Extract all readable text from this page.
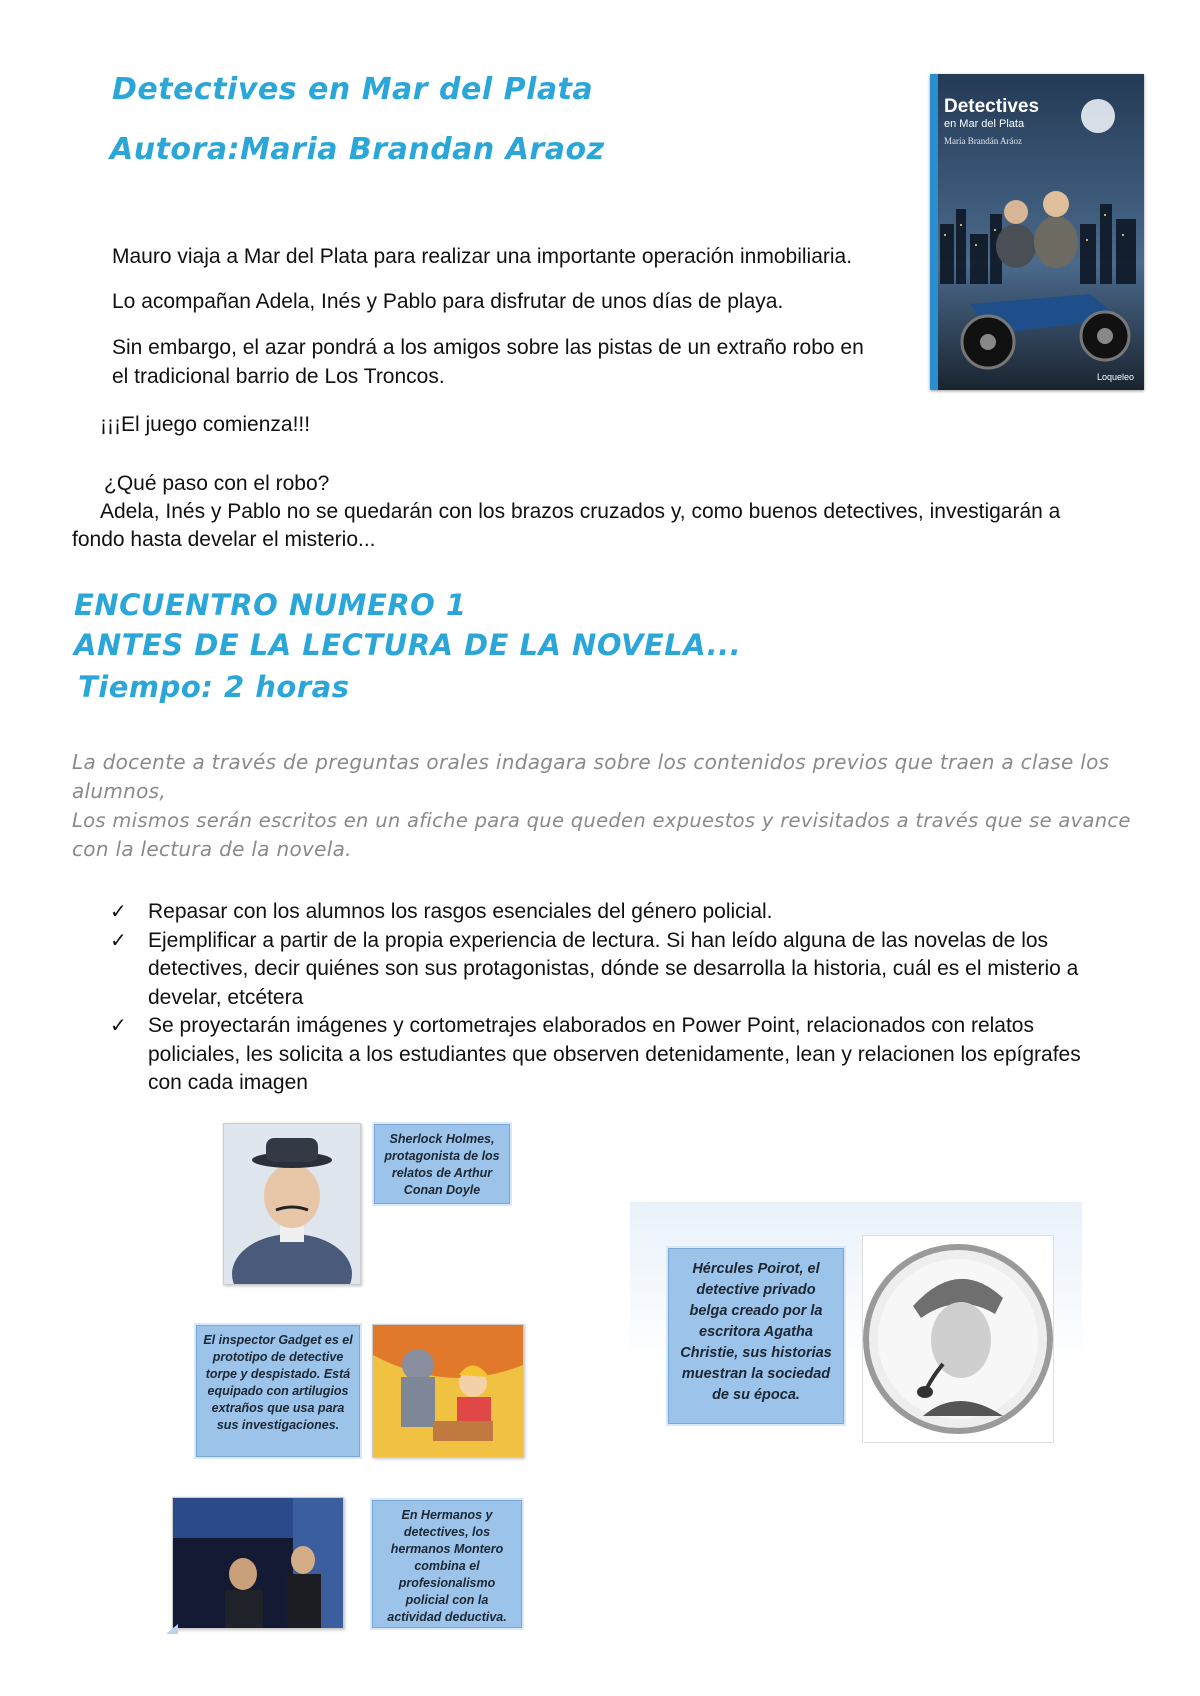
Detectives en Mar del Plata
Autora:Maria Brandan Araoz
Detectives
en Mar del Plata
María Brandán Aráoz
Loqueleo
Mauro viaja a Mar del Plata para realizar una importante operación inmobiliaria.
Lo acompañan Adela, Inés y Pablo para disfrutar de unos días de playa.
Sin embargo, el azar pondrá a los amigos sobre las pistas de un extraño robo en
el tradicional barrio de Los Troncos.
¡¡¡El juego comienza!!!
¿Qué paso con el robo?
Adela, Inés y Pablo no se quedarán con los brazos cruzados y, como buenos detectives, investigarán a
fondo hasta develar el misterio...
ENCUENTRO NUMERO 1
ANTES DE LA LECTURA DE LA NOVELA...
Tiempo: 2 horas
La docente a través de preguntas orales indagara sobre los contenidos previos que traen a clase los
alumnos,
Los mismos serán escritos en un afiche para que queden expuestos y revisitados a través que se avance
con la lectura de la novela.
✓ Repasar con los alumnos los rasgos esenciales del género policial.
✓ Ejemplificar a partir de la propia experiencia de lectura. Si han leído alguna de las novelas de los
detectives, decir quiénes son sus protagonistas, dónde se desarrolla la historia, cuál es el misterio a
develar, etcétera
✓ Se proyectarán imágenes y cortometrajes elaborados en Power Point, relacionados con relatos
policiales, les solicita a los estudiantes que observen detenidamente, lean y relacionen los epígrafes
con cada imagen
Sherlock Holmes, protagonista de los relatos de Arthur Conan Doyle
Hércules Poirot, el detective privado belga creado por la escritora Agatha Christie, sus historias muestran la sociedad de su época.
El inspector Gadget es el prototipo de detective torpe y despistado. Está equipado con artilugios extraños que usa para sus investigaciones.
En Hermanos y detectives, los hermanos Montero combina el profesionalismo policial con la actividad deductiva.
